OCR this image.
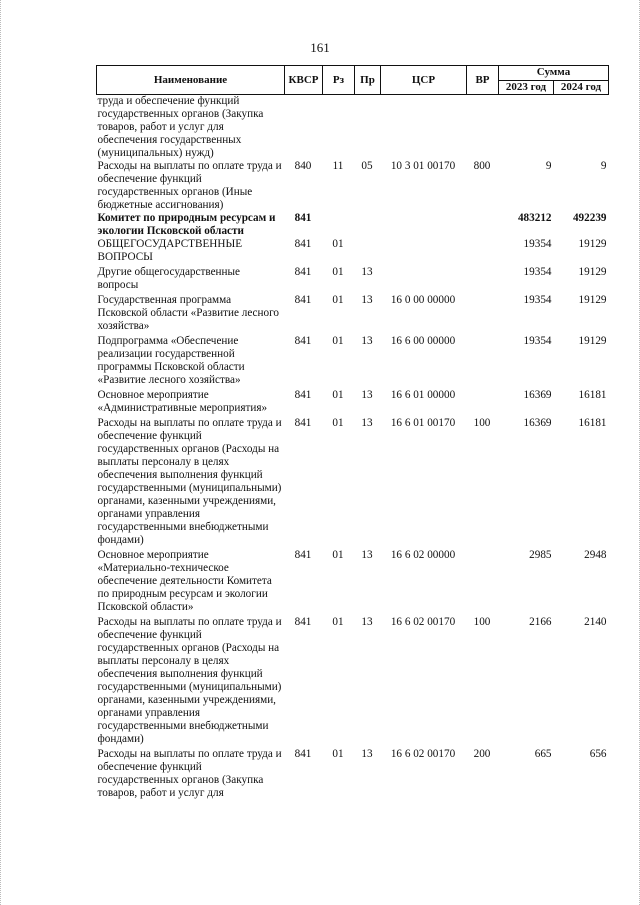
161
Наименование	КВСР	Рз	Пр	ЦСР	ВР	Сумма	
						2023 год	2024 год
труда и обеспечение функций государственных органов (Закупка товаров, работ и услуг для обеспечения государственных (муниципальных) нужд)							
Расходы на выплаты по оплате труда и обеспечение функций государственных органов (Иные бюджетные ассигнования)	840	11	05	10 3 01 00170	800	9	9
Комитет по природным ресурсам и экологии Псковской области	841					483212	492239
ОБЩЕГОСУДАРСТВЕННЫЕ ВОПРОСЫ	841	01				19354	19129
Другие общегосударственные вопросы	841	01	13			19354	19129
Государственная программа Псковской области «Развитие лесного хозяйства»	841	01	13	16 0 00 00000		19354	19129
Подпрограмма «Обеспечение реализации государственной программы Псковской области «Развитие лесного хозяйства»	841	01	13	16 6 00 00000		19354	19129
Основное мероприятие «Административные мероприятия»	841	01	13	16 6 01 00000		16369	16181
Расходы на выплаты по оплате труда и обеспечение функций государственных органов (Расходы на выплаты персоналу в целях обеспечения выполнения функций государственными (муниципальными) органами, казенными учреждениями, органами управления государственными внебюджетными фондами)	841	01	13	16 6 01 00170	100	16369	16181
Основное мероприятие «Материально-техническое обеспечение деятельности Комитета по природным ресурсам и экологии Псковской области»	841	01	13	16 6 02 00000		2985	2948
Расходы на выплаты по оплате труда и обеспечение функций государственных органов (Расходы на выплаты персоналу в целях обеспечения выполнения функций государственными (муниципальными) органами, казенными учреждениями, органами управления государственными внебюджетными фондами)	841	01	13	16 6 02 00170	100	2166	2140
Расходы на выплаты по оплате труда и обеспечение функций государственных органов (Закупка товаров, работ и услуг для	841	01	13	16 6 02 00170	200	665	656
